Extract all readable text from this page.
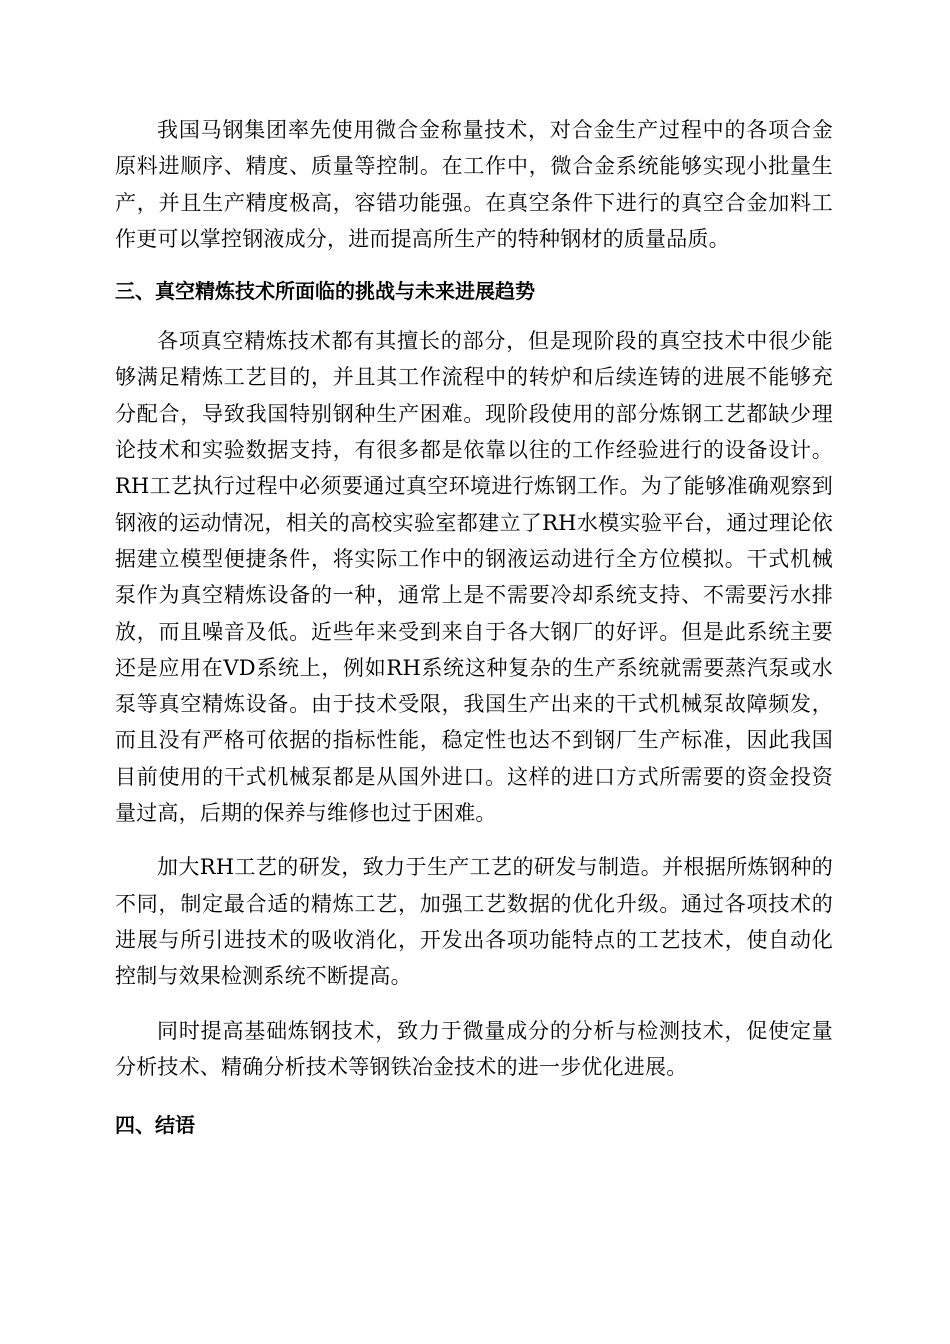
我国马钢集团率先使用微合金称量技术，对合金生产过程中的各项合金原料进顺序、精度、质量等控制。在工作中，微合金系统能够实现小批量生产，并且生产精度极高，容错功能强。在真空条件下进行的真空合金加料工作更可以掌控钢液成分，进而提高所生产的特种钢材的质量品质。

三、真空精炼技术所面临的挑战与未来进展趋势

各项真空精炼技术都有其擅长的部分，但是现阶段的真空技术中很少能够满足精炼工艺目的，并且其工作流程中的转炉和后续连铸的进展不能够充分配合，导致我国特别钢种生产困难。现阶段使用的部分炼钢工艺都缺少理论技术和实验数据支持，有很多都是依靠以往的工作经验进行的设备设计。RH工艺执行过程中必须要通过真空环境进行炼钢工作。为了能够准确观察到钢液的运动情况，相关的高校实验室都建立了RH水模实验平台，通过理论依据建立模型便捷条件，将实际工作中的钢液运动进行全方位模拟。干式机械泵作为真空精炼设备的一种，通常上是不需要冷却系统支持、不需要污水排放，而且噪音及低。近些年来受到来自于各大钢厂的好评。但是此系统主要还是应用在VD系统上，例如RH系统这种复杂的生产系统就需要蒸汽泵或水泵等真空精炼设备。由于技术受限，我国生产出来的干式机械泵故障频发，而且没有严格可依据的指标性能，稳定性也达不到钢厂生产标准，因此我国目前使用的干式机械泵都是从国外进口。这样的进口方式所需要的资金投资量过高，后期的保养与维修也过于困难。

加大RH工艺的研发，致力于生产工艺的研发与制造。并根据所炼钢种的不同，制定最合适的精炼工艺，加强工艺数据的优化升级。通过各项技术的进展与所引进技术的吸收消化，开发出各项功能特点的工艺技术，使自动化控制与效果检测系统不断提高。

同时提高基础炼钢技术，致力于微量成分的分析与检测技术，促使定量分析技术、精确分析技术等钢铁冶金技术的进一步优化进展。

四、结语
